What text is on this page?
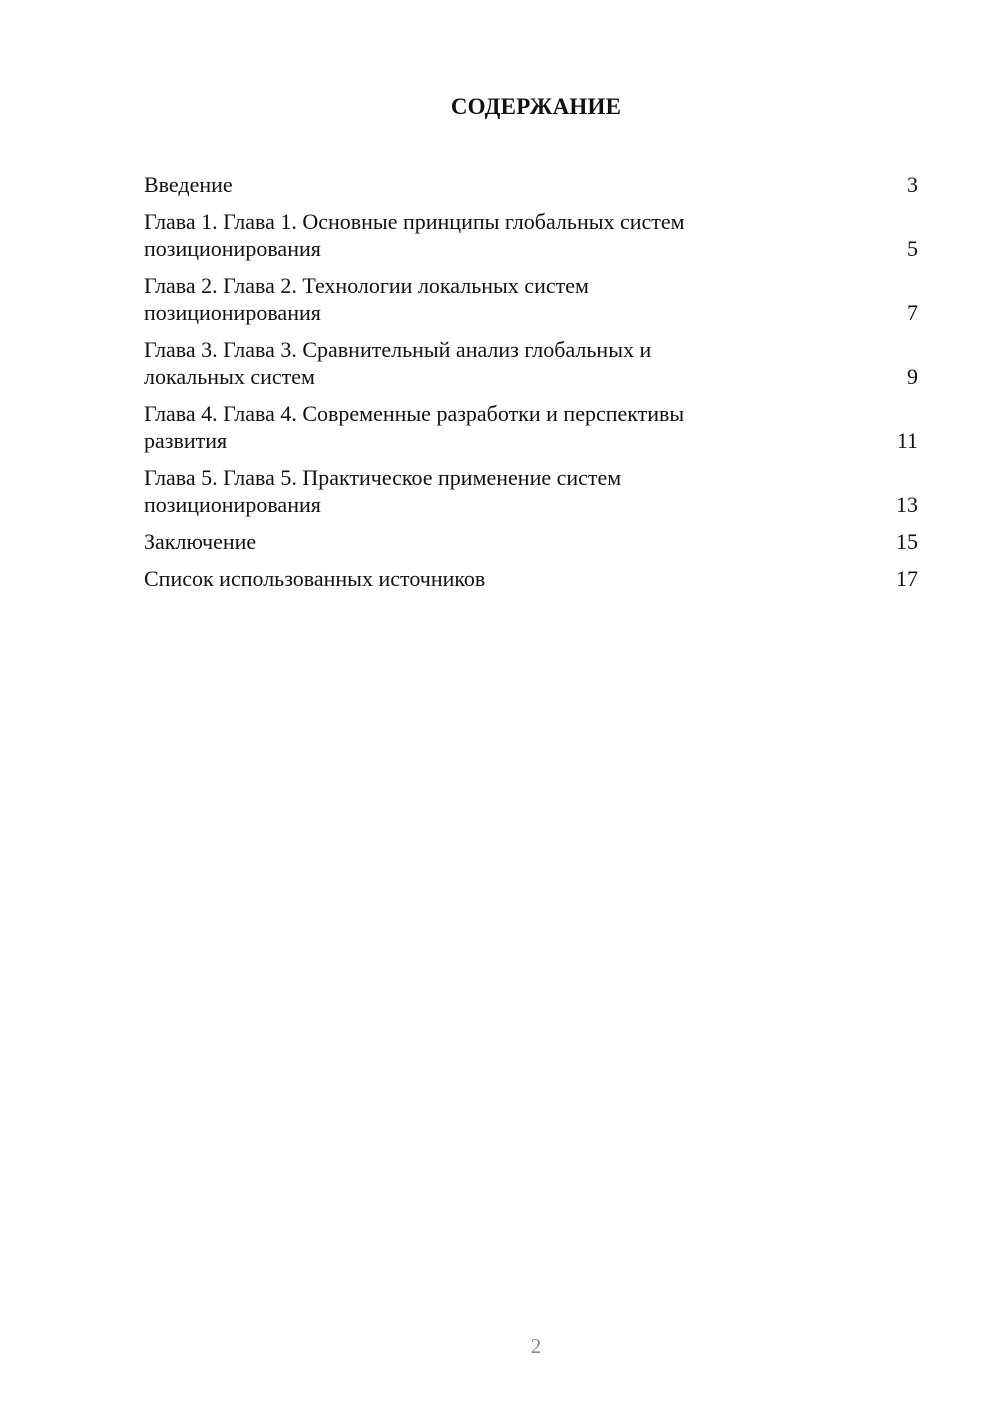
СОДЕРЖАНИЕ
Введение	3
Глава 1. Глава 1. Основные принципы глобальных систем
позиционирования	5
Глава 2. Глава 2. Технологии локальных систем
позиционирования	7
Глава 3. Глава 3. Сравнительный анализ глобальных и
локальных систем	9
Глава 4. Глава 4. Современные разработки и перспективы
развития	11
Глава 5. Глава 5. Практическое применение систем
позиционирования	13
Заключение	15
Список использованных источников	17
2
